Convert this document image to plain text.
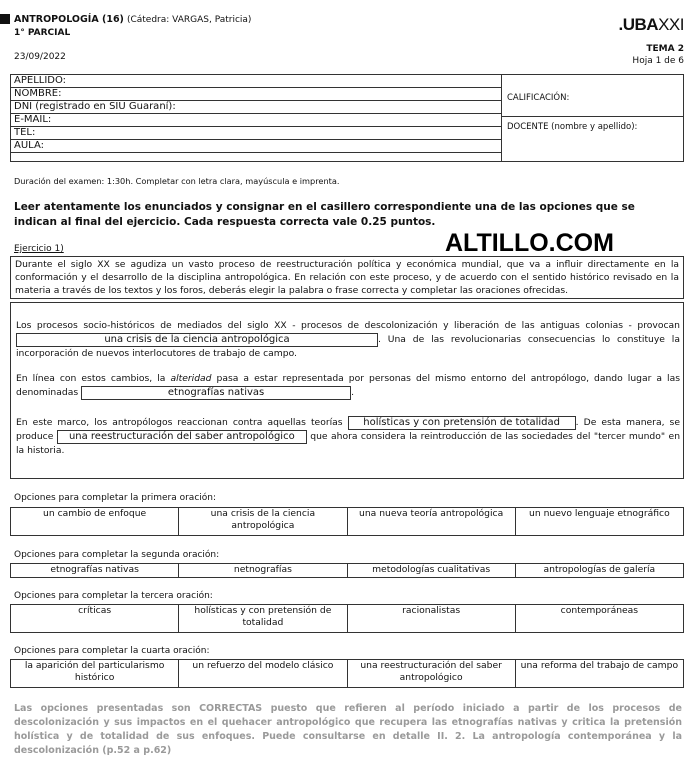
ANTROPOLOGÍA (16) (Cátedra: VARGAS, Patricia)
1° PARCIAL
23/09/2022
.UBAXXI
TEMA 2
Hoja 1 de 6
APELLIDO:
NOMBRE:
DNI (registrado en SIU Guaraní):
E-MAIL:
TEL:
AULA:
CALIFICACIÓN:
DOCENTE (nombre y apellido):
Duración del examen: 1:30h. Completar con letra clara, mayúscula e imprenta.
Leer atentamente los enunciados y consignar en el casillero correspondiente una de las opciones que se indican al final del ejercicio. Cada respuesta correcta vale 0.25 puntos.
Ejercicio 1)	ALTILLO.COM
Durante el siglo XX se agudiza un vasto proceso de reestructuración política y económica mundial, que va a influir directamente en la conformación y el desarrollo de la disciplina antropológica. En relación con este proceso, y de acuerdo con el sentido histórico revisado en la materia a través de los textos y los foros, deberás elegir la palabra o frase correcta y completar las oraciones ofrecidas.
Los procesos socio-históricos de mediados del siglo XX - procesos de descolonización y liberación de las antiguas colonias - provocan una crisis de la ciencia antropológica	. Una de las revolucionarias consecuencias lo constituye la incorporación de nuevos interlocutores de trabajo de campo.
En línea con estos cambios, la alteridad pasa a estar representada por personas del mismo entorno del antropólogo, dando lugar a las denominadas	etnografías nativas	.
En este marco, los antropólogos reaccionan contra aquellas teorías holísticas y con pretensión de totalidad . De esta manera, se produce una reestructuración del saber antropológico que ahora considera la reintroducción de las sociedades del "tercer mundo" en la historia.
Opciones para completar la primera oración:
un cambio de enfoque	una crisis de la ciencia antropológica	una nueva teoría antropológica	un nuevo lenguaje etnográfico
Opciones para completar la segunda oración:
etnografías nativas	netnografías	metodologías cualitativas	antropologías de galería
Opciones para completar la tercera oración:
críticas	holísticas y con pretensión de totalidad	racionalistas	contemporáneas
Opciones para completar la cuarta oración:
la aparición del particularismo histórico	un refuerzo del modelo clásico	una reestructuración del saber antropológico	una reforma del trabajo de campo
Las opciones presentadas son CORRECTAS puesto que refieren al período iniciado a partir de los procesos de descolonización y sus impactos en el quehacer antropológico que recupera las etnografías nativas y critica la pretensión holística y de totalidad de sus enfoques. Puede consultarse en detalle II. 2. La antropología contemporánea y la descolonización (p.52 a p.62)
